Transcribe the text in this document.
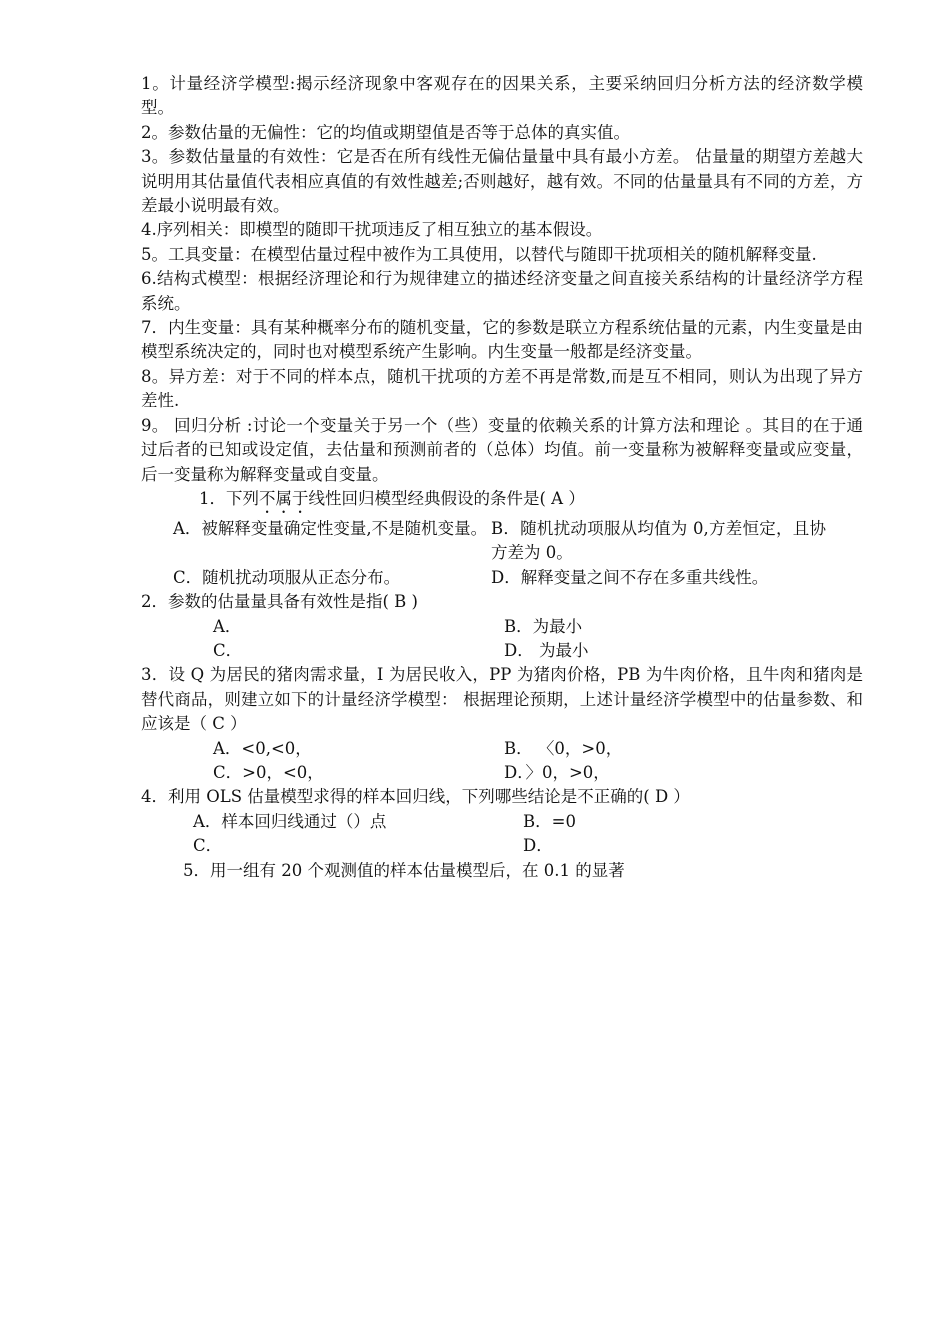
1。计量经济学模型:揭示经济现象中客观存在的因果关系，主要采纳回归分析方法的经济数学模型。

2。参数估量的无偏性：它的均值或期望值是否等于总体的真实值。

3。参数估量量的有效性：它是否在所有线性无偏估量量中具有最小方差。 估量量的期望方差越大说明用其估量值代表相应真值的有效性越差;否则越好，越有效。不同的估量量具有不同的方差，方差最小说明最有效。

4.序列相关：即模型的随即干扰项违反了相互独立的基本假设。

5。工具变量：在模型估量过程中被作为工具使用，以替代与随即干扰项相关的随机解释变量.

6.结构式模型：根据经济理论和行为规律建立的描述经济变量之间直接关系结构的计量经济学方程系统。

7．内生变量：具有某种概率分布的随机变量，它的参数是联立方程系统估量的元素，内生变量是由模型系统决定的，同时也对模型系统产生影响。内生变量一般都是经济变量。

8。异方差：对于不同的样本点，随机干扰项的方差不再是常数,而是互不相同，则认为出现了异方差性.

9。 回归分析 :讨论一个变量关于另一个（些）变量的依赖关系的计算方法和理论 。其目的在于通过后者的已知或设定值，去估量和预测前者的（总体）均值。前一变量称为被解释变量或应变量，后一变量称为解释变量或自变量。

1．下列不属于线性回归模型经典假设的条件是( A ）

A．被解释变量确定性变量,不是随机变量。 B．随机扰动项服从均值为 0,方差恒定，且协方差为 0。
C．随机扰动项服从正态分布。	D．解释变量之间不存在多重共线性。

2．参数的估量量具备有效性是指( B )

A．	B．为最小
C．	D． 为最小

3．设 Q 为居民的猪肉需求量，I 为居民收入，PP 为猪肉价格，PB 为牛肉价格，且牛肉和猪肉是替代商品，则建立如下的计量经济学模型： 根据理论预期，上述计量经济学模型中的估量参数、和应该是（ C ）

A．<0,<0，	B． 〈0，>0，
C．>0，<0，	D．〉0，>0，

4．利用 OLS 估量模型求得的样本回归线，下列哪些结论是不正确的( D ）

A．样本回归线通过（）点	B．=0
C．	D．

5．用一组有 20 个观测值的样本估量模型后，在 0.1 的显著
